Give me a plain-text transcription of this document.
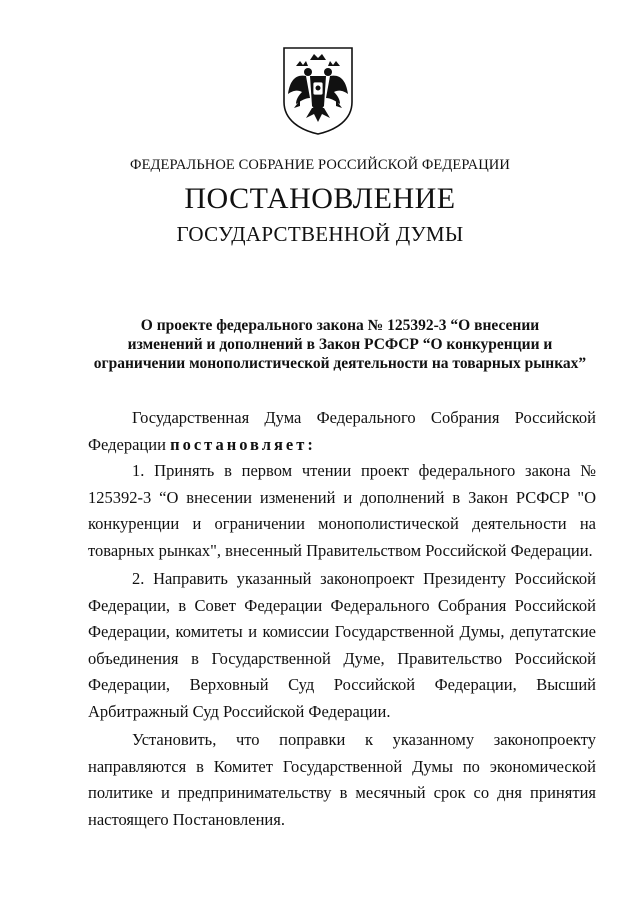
ФЕДЕРАЛЬНОЕ СОБРАНИЕ РОССИЙСКОЙ ФЕДЕРАЦИИ
ПОСТАНОВЛЕНИЕ
ГОСУДАРСТВЕННОЙ ДУМЫ
О проекте федерального закона № 125392-3 “О внесении
изменений и дополнений в Закон РСФСР “О конкуренции и
ограничении монополистической деятельности на товарных рынках”

Государственная Дума Федерального Собрания Российской Федерации постановляет:

1. Принять в первом чтении проект федерального закона № 125392-3 “О внесении изменений и дополнений в Закон РСФСР "О конкуренции и ограничении монополистической деятельности на товарных рынках", внесенный Правительством Российской Федерации.

2. Направить указанный законопроект Президенту Российской Федерации, в Совет Федерации Федерального Собрания Российской Федерации, комитеты и комиссии Государственной Думы, депутатские объединения в Государственной Думе, Правительство Российской Федерации, Верховный Суд Российской Федерации, Высший Арбитражный Суд Российской Федерации.

Установить, что поправки к указанному законопроекту направляются в Комитет Государственной Думы по экономической политике и предпринимательству в месячный срок со дня принятия настоящего Постановления.
